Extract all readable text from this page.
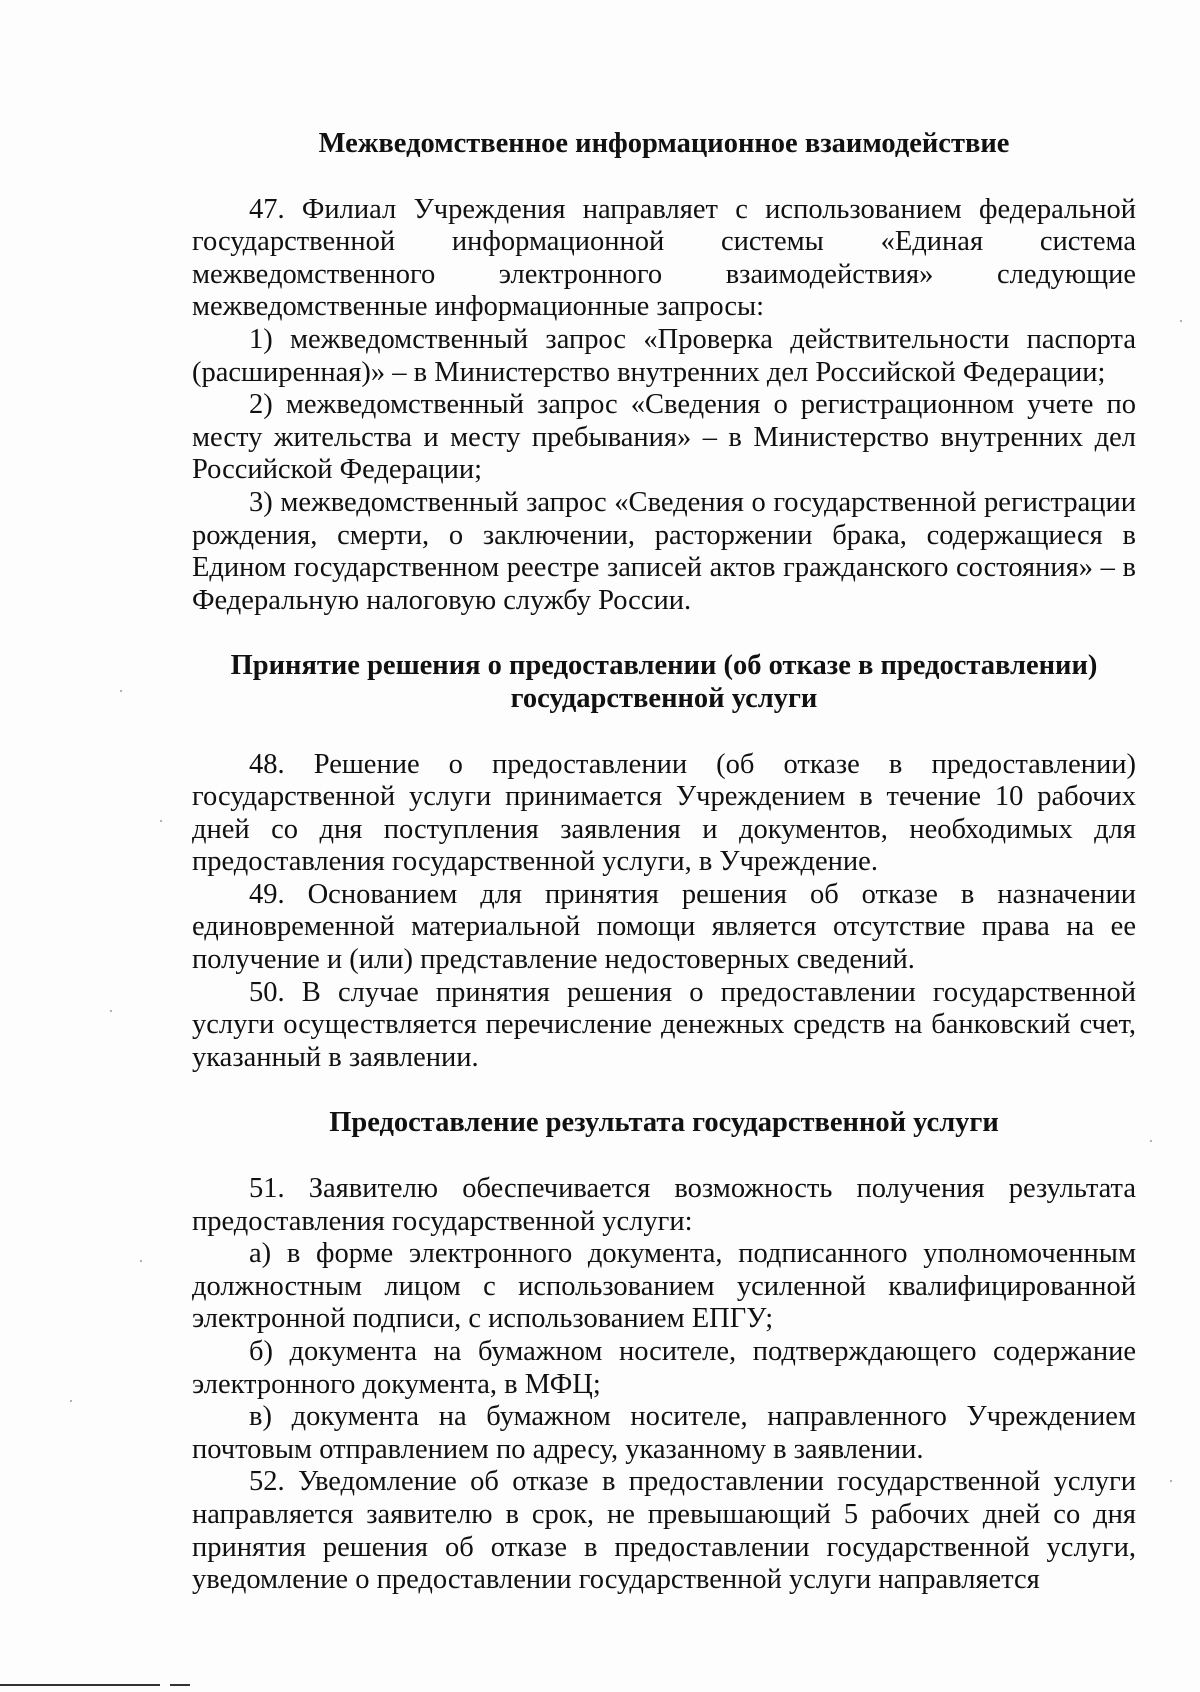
Межведомственное информационное взаимодействие

47. Филиал Учреждения направляет с использованием федеральной государственной информационной системы «Единая система межведомственного электронного взаимодействия» следующие межведомственные информационные запросы:

1) межведомственный запрос «Проверка действительности паспорта (расширенная)» – в Министерство внутренних дел Российской Федерации;

2) межведомственный запрос «Сведения о регистрационном учете по месту жительства и месту пребывания» – в Министерство внутренних дел Российской Федерации;

3) межведомственный запрос «Сведения о государственной регистрации рождения, смерти, о заключении, расторжении брака, содержащиеся в Едином государственном реестре записей актов гражданского состояния» – в Федеральную налоговую службу России.

Принятие решения о предоставлении (об отказе в предоставлении)
государственной услуги

48. Решение о предоставлении (об отказе в предоставлении) государственной услуги принимается Учреждением в течение 10 рабочих дней со дня поступления заявления и документов, необходимых для предоставления государственной услуги, в Учреждение.

49. Основанием для принятия решения об отказе в назначении единовременной материальной помощи является отсутствие права на ее получение и (или) представление недостоверных сведений.

50. В случае принятия решения о предоставлении государственной услуги осуществляется перечисление денежных средств на банковский счет, указанный в заявлении.

Предоставление результата государственной услуги

51. Заявителю обеспечивается возможность получения результата предоставления государственной услуги:

а) в форме электронного документа, подписанного уполномоченным должностным лицом с использованием усиленной квалифицированной электронной подписи, с использованием ЕПГУ;

б) документа на бумажном носителе, подтверждающего содержание электронного документа, в МФЦ;

в) документа на бумажном носителе, направленного Учреждением почтовым отправлением по адресу, указанному в заявлении.

52. Уведомление об отказе в предоставлении государственной услуги направляется заявителю в срок, не превышающий 5 рабочих дней со дня принятия решения об отказе в предоставлении государственной услуги, уведомление о предоставлении государственной услуги направляется
